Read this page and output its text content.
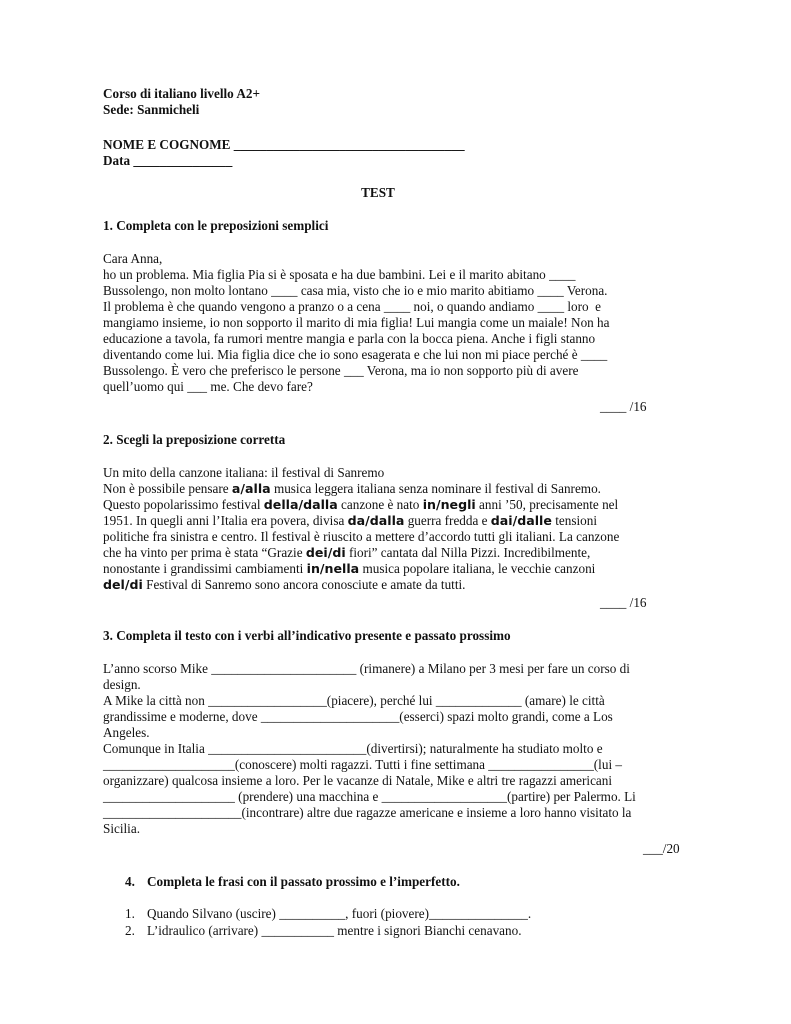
Corso di italiano livello A2+
Sede: Sanmicheli
NOME E COGNOME ___________________________________
Data _______________
TEST
1. Completa con le preposizioni semplici
Cara Anna,
ho un problema. Mia figlia Pia si è sposata e ha due bambini. Lei e il marito abitano ____
Bussolengo, non molto lontano ____ casa mia, visto che io e mio marito abitiamo ____ Verona.
Il problema è che quando vengono a pranzo o a cena ____ noi, o quando andiamo ____ loro  e
mangiamo insieme, io non sopporto il marito di mia figlia! Lui mangia come un maiale! Non ha
educazione a tavola, fa rumori mentre mangia e parla con la bocca piena. Anche i figli stanno
diventando come lui. Mia figlia dice che io sono esagerata e che lui non mi piace perché è ____
Bussolengo. È vero che preferisco le persone ___ Verona, ma io non sopporto più di avere
quell’uomo qui ___ me. Che devo fare?
____ /16
2. Scegli la preposizione corretta
Un mito della canzone italiana: il festival di Sanremo
Non è possibile pensare a/alla musica leggera italiana senza nominare il festival di Sanremo.
Questo popolarissimo festival della/dalla canzone è nato in/negli anni ’50, precisamente nel
1951. In quegli anni l’Italia era povera, divisa da/dalla guerra fredda e dai/dalle tensioni
politiche fra sinistra e centro. Il festival è riuscito a mettere d’accordo tutti gli italiani. La canzone
che ha vinto per prima è stata “Grazie dei/di fiori” cantata dal Nilla Pizzi. Incredibilmente,
nonostante i grandissimi cambiamenti in/nella musica popolare italiana, le vecchie canzoni
del/di Festival di Sanremo sono ancora conosciute e amate da tutti.
____ /16
3. Completa il testo con i verbi all’indicativo presente e passato prossimo
L’anno scorso Mike ______________________ (rimanere) a Milano per 3 mesi per fare un corso di
design.
A Mike la città non __________________(piacere), perché lui _____________ (amare) le città
grandissime e moderne, dove _____________________(esserci) spazi molto grandi, come a Los
Angeles.
Comunque in Italia ________________________(divertirsi); naturalmente ha studiato molto e
____________________(conoscere) molti ragazzi. Tutti i fine settimana ________________(lui –
organizzare) qualcosa insieme a loro. Per le vacanze di Natale, Mike e altri tre ragazzi americani
____________________ (prendere) una macchina e ___________________(partire) per Palermo. Li
_____________________(incontrare) altre due ragazze americane e insieme a loro hanno visitato la
Sicilia.
___/20
4. Completa le frasi con il passato prossimo e l’imperfetto.
1. Quando Silvano (uscire) __________, fuori (piovere)_______________.
2. L’idraulico (arrivare) ___________ mentre i signori Bianchi cenavano.
